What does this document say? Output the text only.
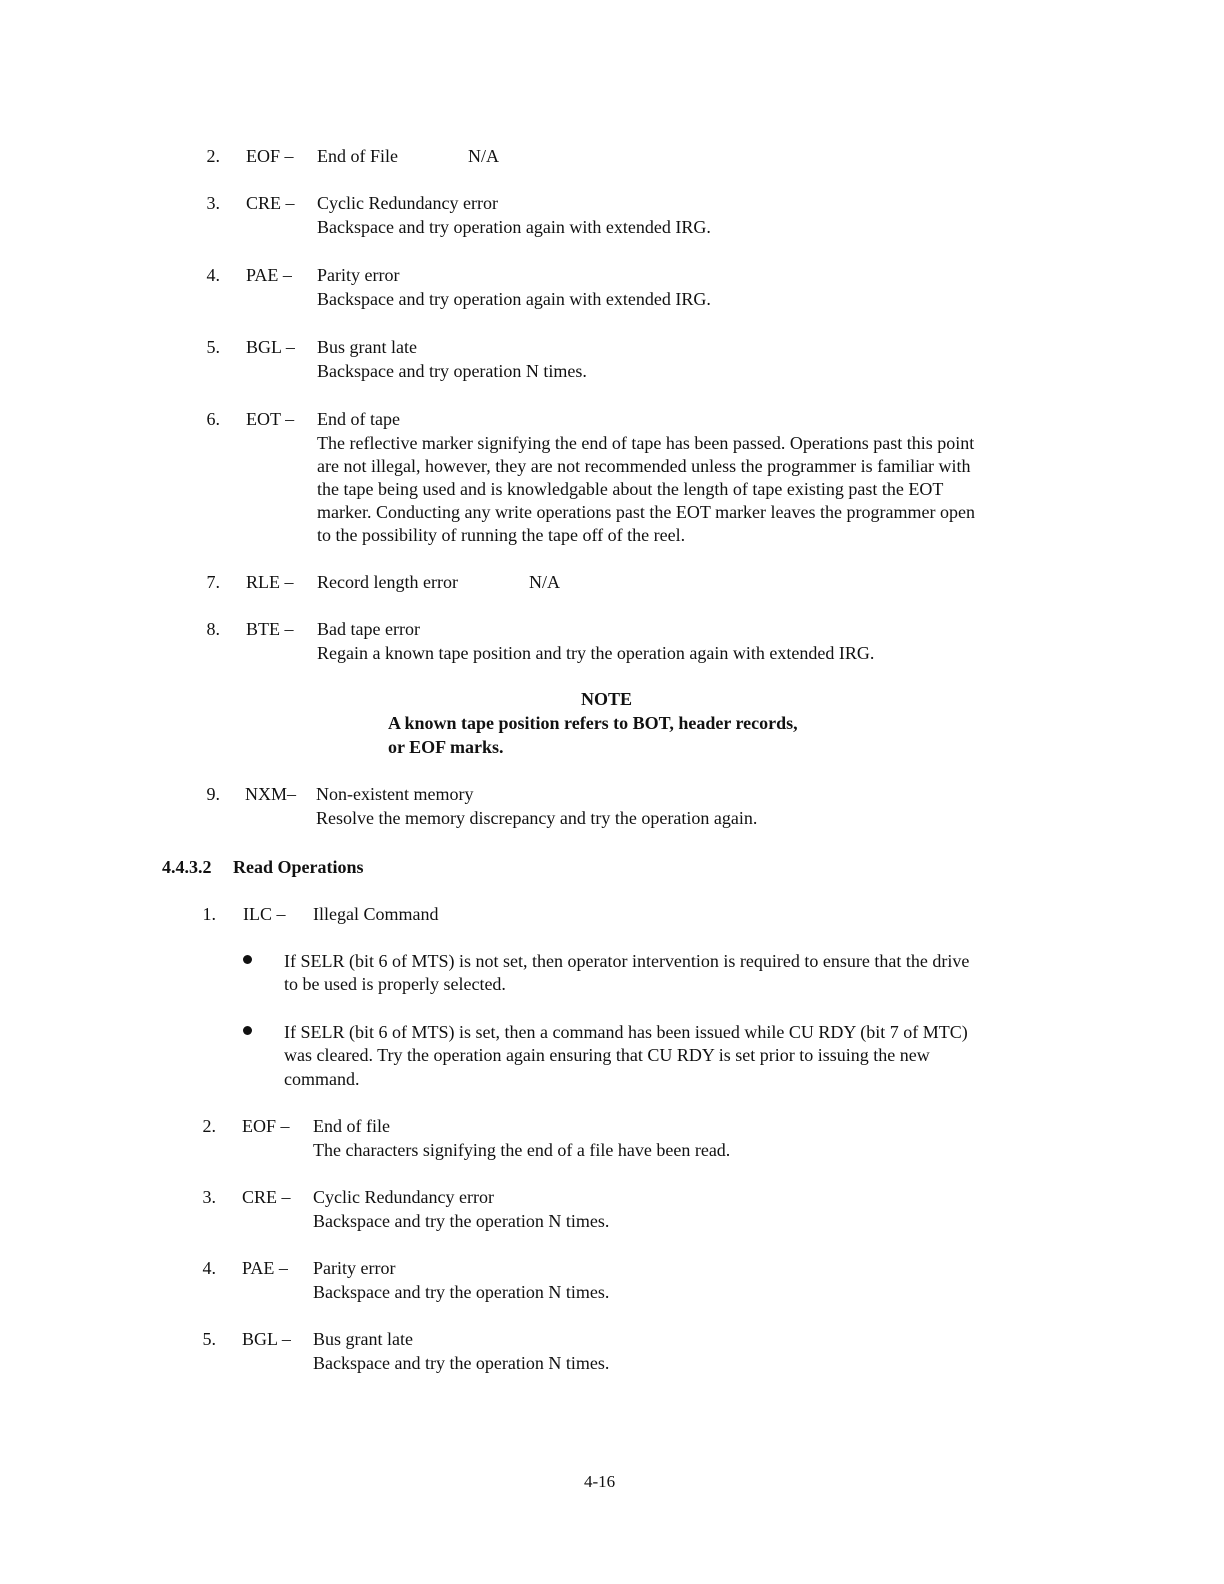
2. EOF – End of File	N/A
3. CRE – Cyclic Redundancy error
Backspace and try operation again with extended IRG.
4. PAE – Parity error
Backspace and try operation again with extended IRG.
5. BGL – Bus grant late
Backspace and try operation N times.
6. EOT – End of tape
The reflective marker signifying the end of tape has been passed. Operations past this point
are not illegal, however, they are not recommended unless the programmer is familiar with
the tape being used and is knowledgable about the length of tape existing past the EOT
marker. Conducting any write operations past the EOT marker leaves the programmer open
to the possibility of running the tape off of the reel.
7. RLE – Record length error	N/A
8. BTE – Bad tape error
Regain a known tape position and try the operation again with extended IRG.
NOTE
A known tape position refers to BOT, header records,
or EOF marks.
9. NXM– Non-existent memory
Resolve the memory discrepancy and try the operation again.
4.4.3.2 Read Operations
1. ILC – Illegal Command
If SELR (bit 6 of MTS) is not set, then operator intervention is required to ensure that the drive
to be used is properly selected.
If SELR (bit 6 of MTS) is set, then a command has been issued while CU RDY (bit 7 of MTC)
was cleared. Try the operation again ensuring that CU RDY is set prior to issuing the new
command.
2. EOF – End of file
The characters signifying the end of a file have been read.
3. CRE – Cyclic Redundancy error
Backspace and try the operation N times.
4. PAE – Parity error
Backspace and try the operation N times.
5. BGL – Bus grant late
Backspace and try the operation N times.
4-16
